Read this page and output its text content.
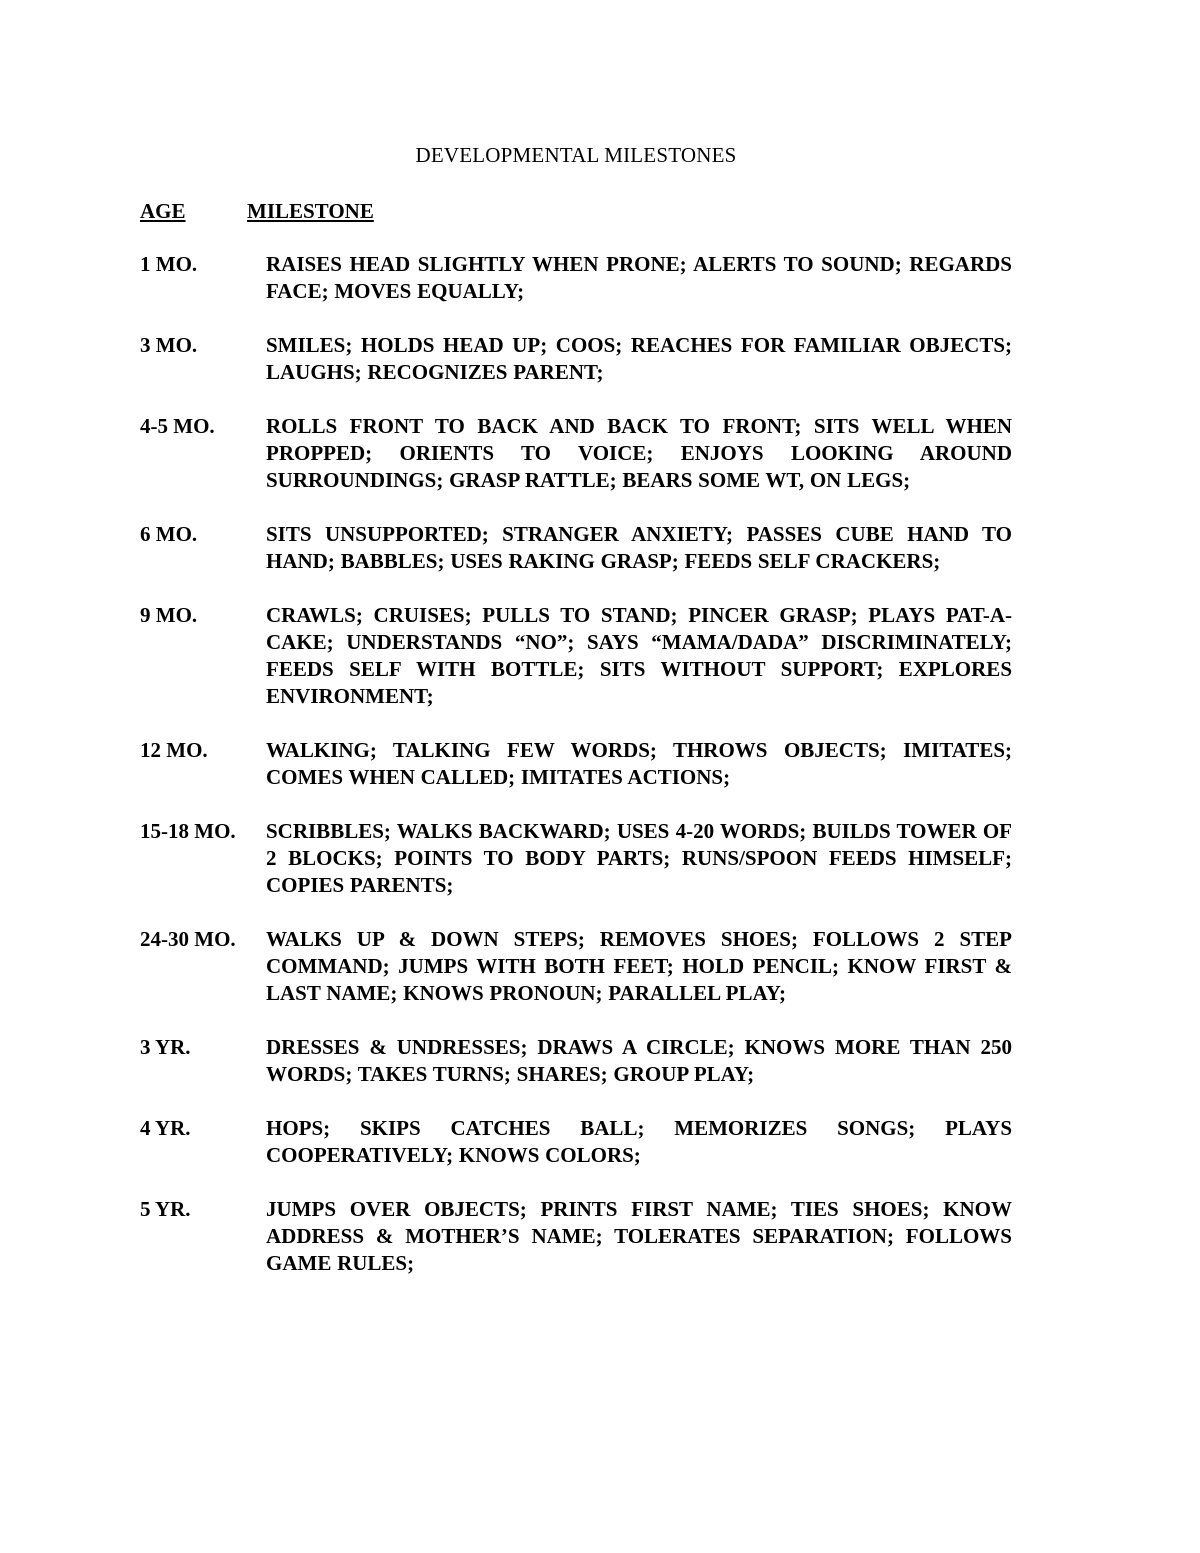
DEVELOPMENTAL MILESTONES
AGE	MILESTONE
1 MO.	RAISES HEAD SLIGHTLY WHEN PRONE; ALERTS TO SOUND; REGARDS FACE; MOVES EQUALLY;
3 MO.	SMILES; HOLDS HEAD UP; COOS; REACHES FOR FAMILIAR OBJECTS; LAUGHS; RECOGNIZES PARENT;
4-5 MO.	ROLLS FRONT TO BACK AND BACK TO FRONT; SITS WELL WHEN PROPPED; ORIENTS TO VOICE; ENJOYS LOOKING AROUND SURROUNDINGS; GRASP RATTLE; BEARS SOME WT, ON LEGS;
6 MO.	SITS UNSUPPORTED; STRANGER ANXIETY; PASSES CUBE HAND TO HAND; BABBLES; USES RAKING GRASP; FEEDS SELF CRACKERS;
9 MO.	CRAWLS; CRUISES; PULLS TO STAND; PINCER GRASP; PLAYS PAT-A-CAKE; UNDERSTANDS “NO”; SAYS “MAMA/DADA” DISCRIMINATELY; FEEDS SELF WITH BOTTLE; SITS WITHOUT SUPPORT; EXPLORES ENVIRONMENT;
12 MO.	WALKING; TALKING FEW WORDS; THROWS OBJECTS; IMITATES; COMES WHEN CALLED; IMITATES ACTIONS;
15-18 MO.	SCRIBBLES; WALKS BACKWARD; USES 4-20 WORDS; BUILDS TOWER OF 2 BLOCKS; POINTS TO BODY PARTS; RUNS/SPOON FEEDS HIMSELF; COPIES PARENTS;
24-30 MO.	WALKS UP & DOWN STEPS; REMOVES SHOES; FOLLOWS 2 STEP COMMAND; JUMPS WITH BOTH FEET; HOLD PENCIL; KNOW FIRST & LAST NAME; KNOWS PRONOUN; PARALLEL PLAY;
3 YR.	DRESSES & UNDRESSES; DRAWS A CIRCLE; KNOWS MORE THAN 250 WORDS; TAKES TURNS; SHARES; GROUP PLAY;
4 YR.	HOPS; SKIPS CATCHES BALL; MEMORIZES SONGS; PLAYS COOPERATIVELY; KNOWS COLORS;
5 YR.	JUMPS OVER OBJECTS; PRINTS FIRST NAME; TIES SHOES; KNOW ADDRESS & MOTHER’S NAME; TOLERATES SEPARATION; FOLLOWS GAME RULES;
